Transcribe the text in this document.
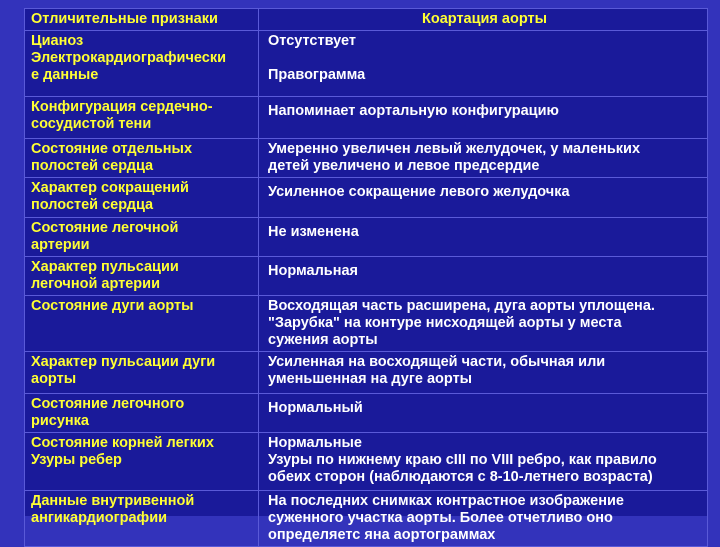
Отличительные признаки	Коартация аорты
Цианоз
Электрокардиографически
е данные	Отсутствует

Правограмма
Конфигурация сердечно-
сосудистой тени	Напоминает аортальную конфигурацию
Состояние отдельных
полостей сердца	Умеренно увеличен левый желудочек, у маленьких
детей увеличено и левое предсердие
Характер сокращений
полостей сердца	Усиленное сокращение левого желудочка
Состояние легочной
артерии	Не изменена
Характер пульсации
легочной артерии	Нормальная
Состояние дуги аорты	Восходящая часть расширена, дуга аорты уплощена.
"Зарубка" на контуре нисходящей аорты у места
сужения аорты
Характер пульсации дуги
аорты	Усиленная на восходящей части, обычная или
уменьшенная на дуге аорты
Состояние легочного
рисунка	Нормальный
Состояние корней легких
Узуры ребер	Нормальные
Узуры по нижнему краю cIII по VIII ребро, как правило
обеих сторон (наблюдаются с 8-10-летнего возраста)
Данные внутривенной
ангикардиографии	На последних снимках контрастное изображение
суженного участка аорты. Более отчетливо оно
определяетс яна аортограммах
